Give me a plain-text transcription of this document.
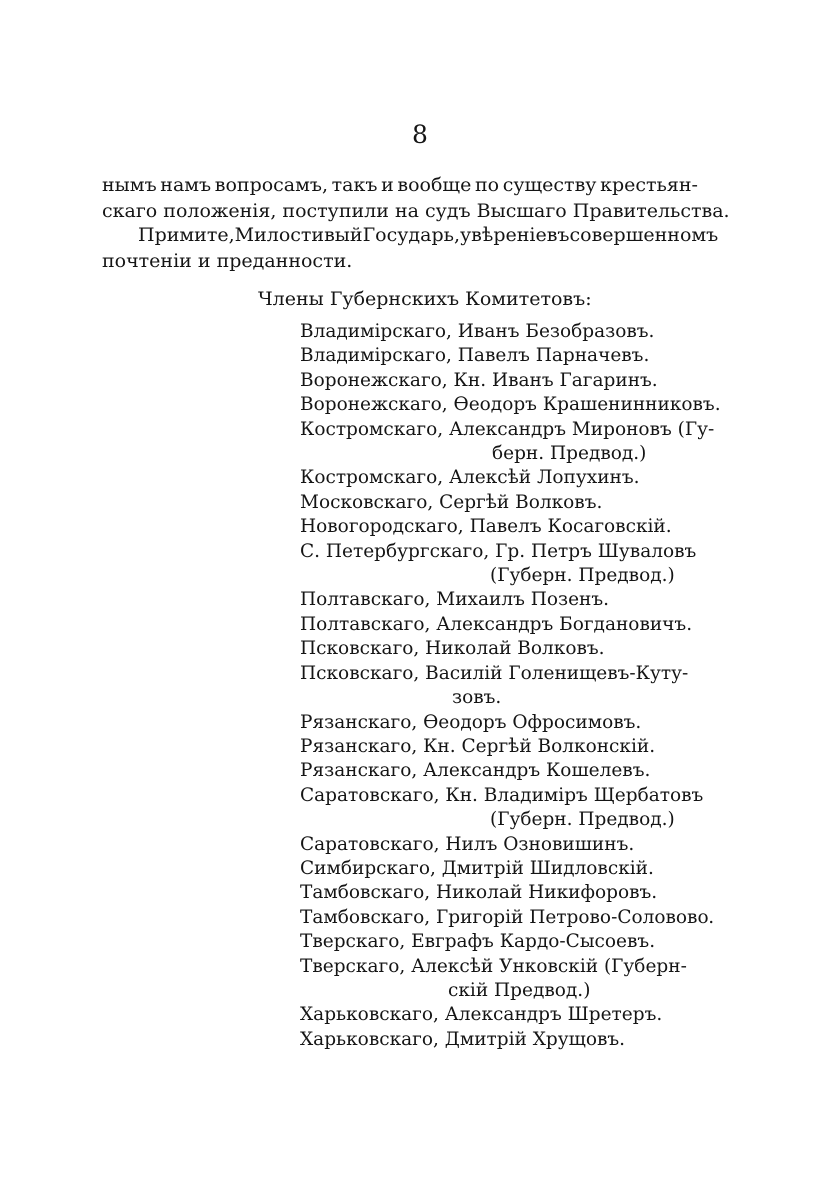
8
нымъ намъ вопросамъ, такъ и вообще по существу крестьян-
скаго положенія, поступили на судъ Высшаго Правительства.
Примите, Милостивый Государь, увѣреніе въ совершенномъ
почтеніи и преданности.
Члены Губернскихъ Комитетовъ:
Владимірскаго, Иванъ Безобразовъ.
Владимірскаго, Павелъ Парначевъ.
Воронежскаго, Кн. Иванъ Гагаринъ.
Воронежскаго, Ѳеодоръ Крашенинниковъ.
Костромскаго, Александръ Мироновъ (Гу-
берн. Предвод.)
Костромскаго, Алексѣй Лопухинъ.
Московскаго, Сергѣй Волковъ.
Новогородскаго, Павелъ Косаговскій.
С. Петербургскаго, Гр. Петръ Шуваловъ
(Губерн. Предвод.)
Полтавскаго, Михаилъ Позенъ.
Полтавскаго, Александръ Богдановичъ.
Псковскаго, Николай Волковъ.
Псковскаго, Василій Голенищевъ-Куту-
зовъ.
Рязанскаго, Ѳеодоръ Офросимовъ.
Рязанскаго, Кн. Сергѣй Волконскій.
Рязанскаго, Александръ Кошелевъ.
Саратовскаго, Кн. Владиміръ Щербатовъ
(Губерн. Предвод.)
Саратовскаго, Нилъ Озновишинъ.
Симбирскаго, Дмитрій Шидловскій.
Тамбовскаго, Николай Никифоровъ.
Тамбовскаго, Григорій Петрово-Солововo.
Тверскаго, Евграфъ Кардо-Сысоевъ.
Тверскаго, Алексѣй Унковскій (Губерн-
скій Предвод.)
Харьковскаго, Александръ Шретеръ.
Харьковскаго, Дмитрій Хрущовъ.
